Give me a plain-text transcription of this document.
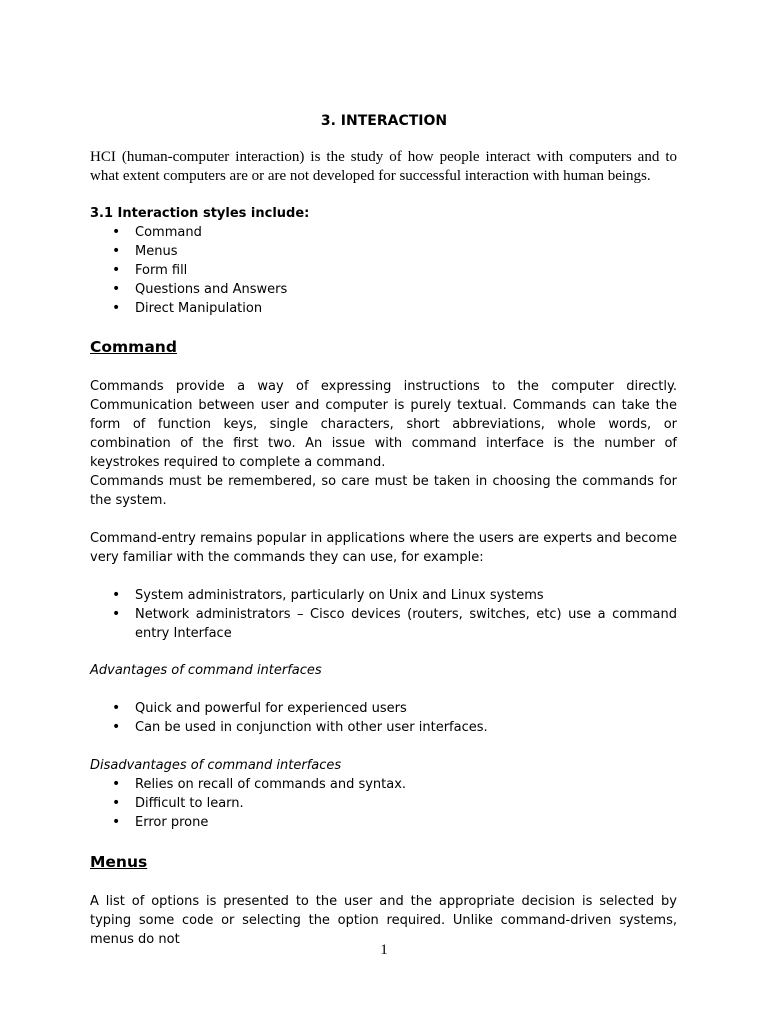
3. INTERACTION

HCI (human-computer interaction) is the study of how people interact with computers and to what extent computers are or are not developed for successful interaction with human beings.

3.1 Interaction styles include:
• Command
• Menus
• Form fill
• Questions and Answers
• Direct Manipulation
Command

Commands provide a way of expressing instructions to the computer directly. Communication between user and computer is purely textual. Commands can take the form of function keys, single characters, short abbreviations, whole words, or combination of the first two. An issue with command interface is the number of keystrokes required to complete a command.

Commands must be remembered, so care must be taken in choosing the commands for the system.

Command-entry remains popular in applications where the users are experts and become very familiar with the commands they can use, for example:

• System administrators, particularly on Unix and Linux systems
• Network administrators – Cisco devices (routers, switches, etc) use a command entry Interface
Advantages of command interfaces
• Quick and powerful for experienced users
• Can be used in conjunction with other user interfaces.
Disadvantages of command interfaces
• Relies on recall of commands and syntax.
• Difficult to learn.
• Error prone
Menus

A list of options is presented to the user and the appropriate decision is selected by typing some code or selecting the option required. Unlike command-driven systems, menus do not

1
